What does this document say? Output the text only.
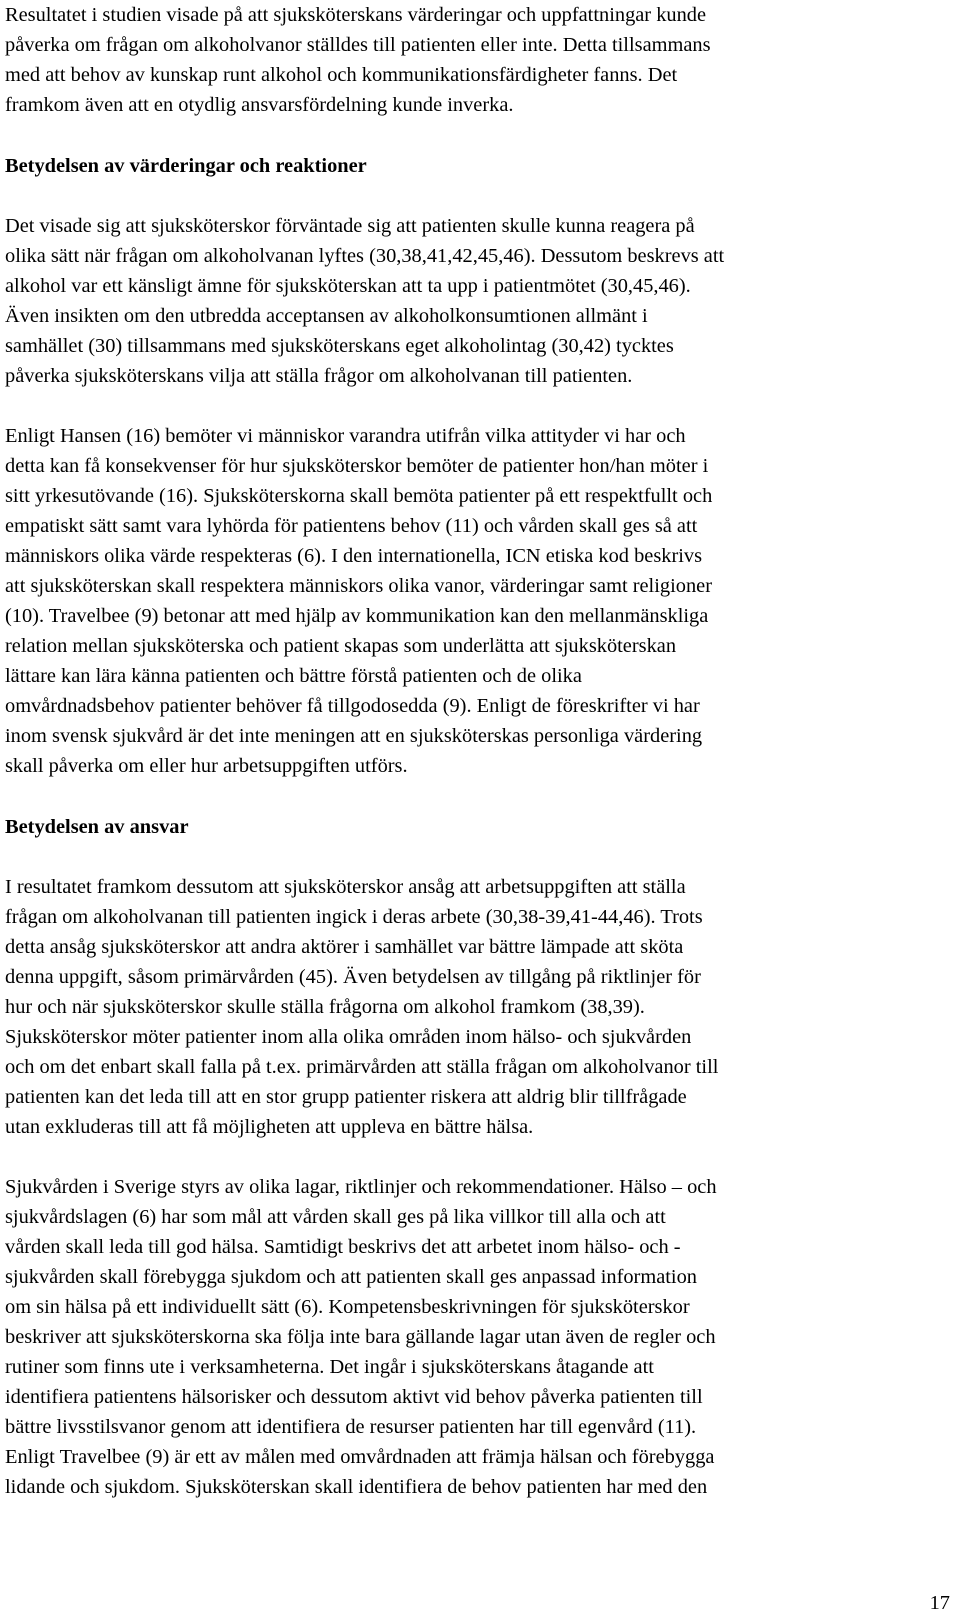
Resultatet i studien visade på att sjuksköterskans värderingar och uppfattningar kunde
påverka om frågan om alkoholvanor ställdes till patienten eller inte. Detta tillsammans
med att behov av kunskap runt alkohol och kommunikationsfärdigheter fanns. Det
framkom även att en otydlig ansvarsfördelning kunde inverka.
Betydelsen av värderingar och reaktioner
Det visade sig att sjuksköterskor förväntade sig att patienten skulle kunna reagera på
olika sätt när frågan om alkoholvanan lyftes (30,38,41,42,45,46). Dessutom beskrevs att
alkohol var ett känsligt ämne för sjuksköterskan att ta upp i patientmötet (30,45,46).
Även insikten om den utbredda acceptansen av alkoholkonsumtionen allmänt i
samhället (30) tillsammans med sjuksköterskans eget alkoholintag (30,42) tycktes
påverka sjuksköterskans vilja att ställa frågor om alkoholvanan till patienten.
Enligt Hansen (16) bemöter vi människor varandra utifrån vilka attityder vi har och
detta kan få konsekvenser för hur sjuksköterskor bemöter de patienter hon/han möter i
sitt yrkesutövande (16). Sjuksköterskorna skall bemöta patienter på ett respektfullt och
empatiskt sätt samt vara lyhörda för patientens behov (11) och vården skall ges så att
människors olika värde respekteras (6). I den internationella, ICN etiska kod beskrivs
att sjuksköterskan skall respektera människors olika vanor, värderingar samt religioner
(10). Travelbee (9) betonar att med hjälp av kommunikation kan den mellanmänskliga
relation mellan sjuksköterska och patient skapas som underlätta att sjuksköterskan
lättare kan lära känna patienten och bättre förstå patienten och de olika
omvårdnadsbehov patienter behöver få tillgodosedda (9). Enligt de föreskrifter vi har
inom svensk sjukvård är det inte meningen att en sjuksköterskas personliga värdering
skall påverka om eller hur arbetsuppgiften utförs.
Betydelsen av ansvar
I resultatet framkom dessutom att sjuksköterskor ansåg att arbetsuppgiften att ställa
frågan om alkoholvanan till patienten ingick i deras arbete (30,38-39,41-44,46). Trots
detta ansåg sjuksköterskor att andra aktörer i samhället var bättre lämpade att sköta
denna uppgift, såsom primärvården (45). Även betydelsen av tillgång på riktlinjer för
hur och när sjuksköterskor skulle ställa frågorna om alkohol framkom (38,39).
Sjuksköterskor möter patienter inom alla olika områden inom hälso- och sjukvården
och om det enbart skall falla på t.ex. primärvården att ställa frågan om alkoholvanor till
patienten kan det leda till att en stor grupp patienter riskera att aldrig blir tillfrågade
utan exkluderas till att få möjligheten att uppleva en bättre hälsa.
Sjukvården i Sverige styrs av olika lagar, riktlinjer och rekommendationer. Hälso – och
sjukvårdslagen (6) har som mål att vården skall ges på lika villkor till alla och att
vården skall leda till god hälsa. Samtidigt beskrivs det att arbetet inom hälso- och -
sjukvården skall förebygga sjukdom och att patienten skall ges anpassad information
om sin hälsa på ett individuellt sätt (6). Kompetensbeskrivningen för sjuksköterskor
beskriver att sjuksköterskorna ska följa inte bara gällande lagar utan även de regler och
rutiner som finns ute i verksamheterna. Det ingår i sjuksköterskans åtagande att
identifiera patientens hälsorisker och dessutom aktivt vid behov påverka patienten till
bättre livsstilsvanor genom att identifiera de resurser patienten har till egenvård (11).
Enligt Travelbee (9) är ett av målen med omvårdnaden att främja hälsan och förebygga
lidande och sjukdom. Sjuksköterskan skall identifiera de behov patienten har med den
17
